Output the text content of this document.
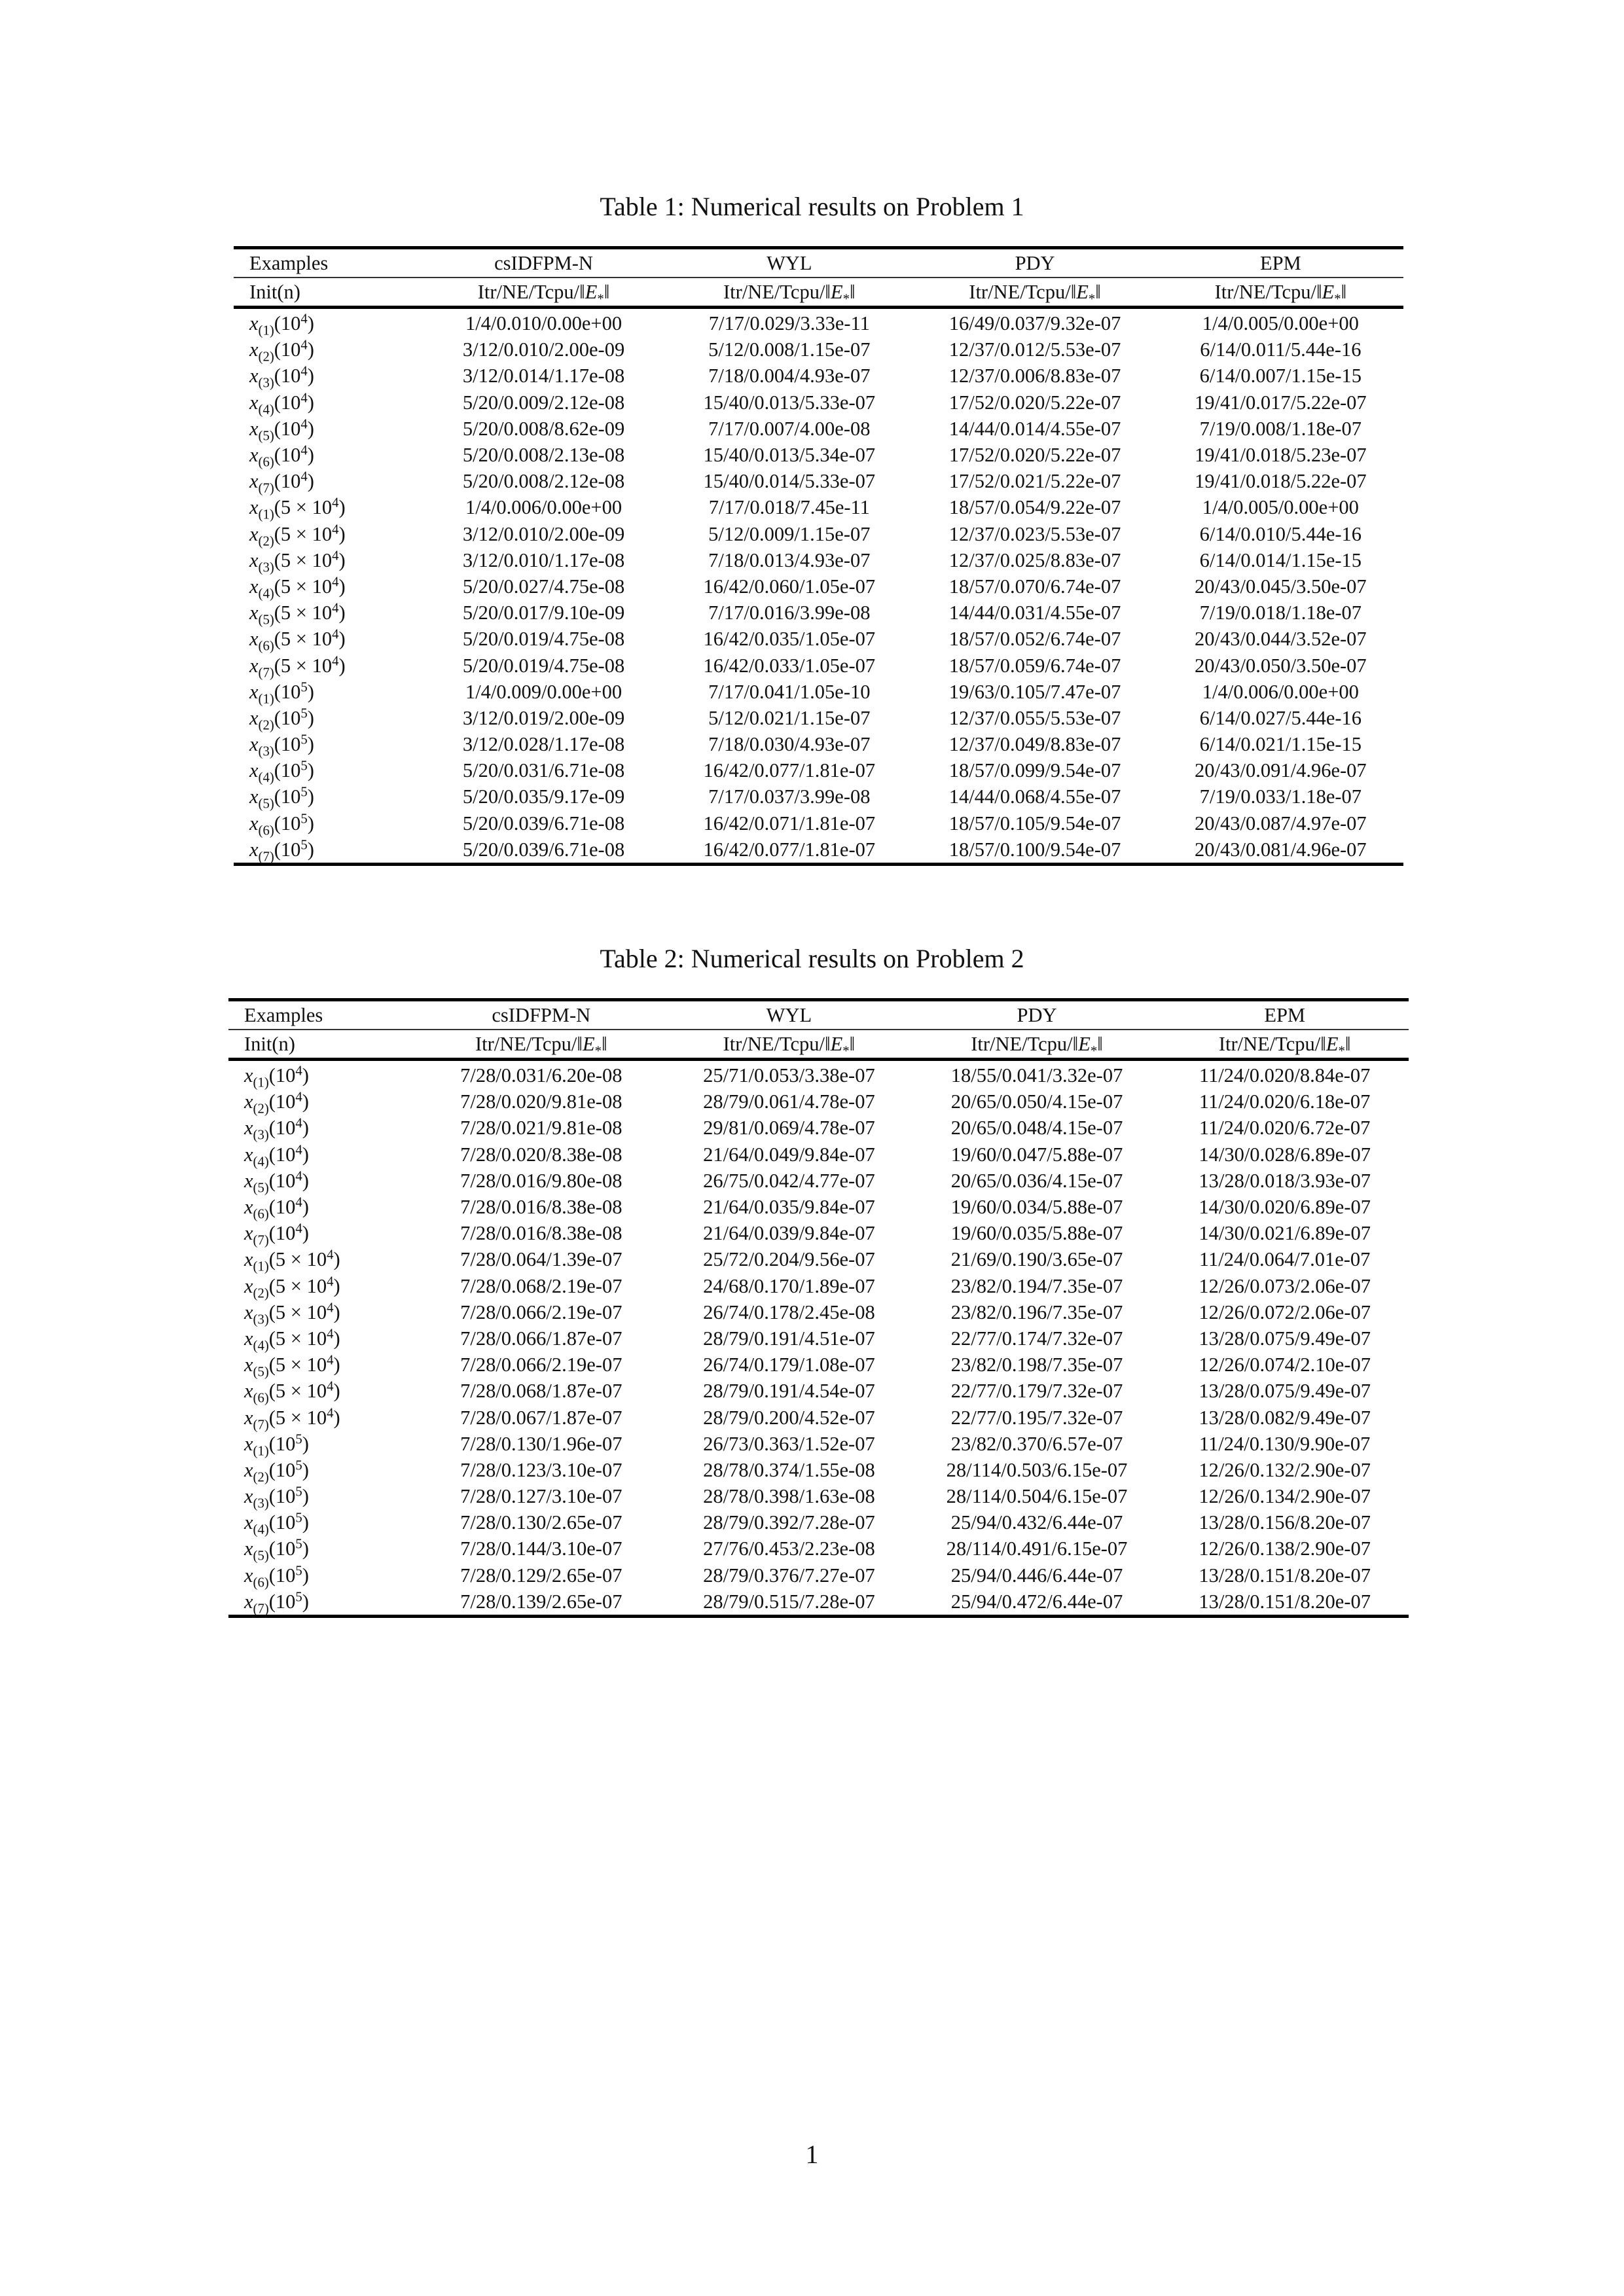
Table 1: Numerical results on Problem 1
Examples	csIDFPM-N	WYL	PDY	EPM
Init(n)	Itr/$NE/Tcpu/‖E_*‖$	Itr/$NE/Tcpu/‖E_*‖$	Itr/$NE/Tcpu/‖E_*‖$	Itr/$NE/Tcpu/‖E_*‖$
$x_{(1)}(10^4)$	1/4/0.010/0.00e+00	7/17/0.029/3.33e-11	16/49/0.037/9.32e-07	1/4/0.005/0.00e+00
$x_{(2)}(10^4)$	3/12/0.010/2.00e-09	5/12/0.008/1.15e-07	12/37/0.012/5.53e-07	6/14/0.011/5.44e-16
$x_{(3)}(10^4)$	3/12/0.014/1.17e-08	7/18/0.004/4.93e-07	12/37/0.006/8.83e-07	6/14/0.007/1.15e-15
$x_{(4)}(10^4)$	5/20/0.009/2.12e-08	15/40/0.013/5.33e-07	17/52/0.020/5.22e-07	19/41/0.017/5.22e-07
$x_{(5)}(10^4)$	5/20/0.008/8.62e-09	7/17/0.007/4.00e-08	14/44/0.014/4.55e-07	7/19/0.008/1.18e-07
$x_{(6)}(10^4)$	5/20/0.008/2.13e-08	15/40/0.013/5.34e-07	17/52/0.020/5.22e-07	19/41/0.018/5.23e-07
$x_{(7)}(10^4)$	5/20/0.008/2.12e-08	15/40/0.014/5.33e-07	17/52/0.021/5.22e-07	19/41/0.018/5.22e-07
$x_{(1)}(5 \times 10^4)$	1/4/0.006/0.00e+00	7/17/0.018/7.45e-11	18/57/0.054/9.22e-07	1/4/0.005/0.00e+00
$x_{(2)}(5 \times 10^4)$	3/12/0.010/2.00e-09	5/12/0.009/1.15e-07	12/37/0.023/5.53e-07	6/14/0.010/5.44e-16
$x_{(3)}(5 \times 10^4)$	3/12/0.010/1.17e-08	7/18/0.013/4.93e-07	12/37/0.025/8.83e-07	6/14/0.014/1.15e-15
$x_{(4)}(5 \times 10^4)$	5/20/0.027/4.75e-08	16/42/0.060/1.05e-07	18/57/0.070/6.74e-07	20/43/0.045/3.50e-07
$x_{(5)}(5 \times 10^4)$	5/20/0.017/9.10e-09	7/17/0.016/3.99e-08	14/44/0.031/4.55e-07	7/19/0.018/1.18e-07
$x_{(6)}(5 \times 10^4)$	5/20/0.019/4.75e-08	16/42/0.035/1.05e-07	18/57/0.052/6.74e-07	20/43/0.044/3.52e-07
$x_{(7)}(5 \times 10^4)$	5/20/0.019/4.75e-08	16/42/0.033/1.05e-07	18/57/0.059/6.74e-07	20/43/0.050/3.50e-07
$x_{(1)}(10^5)$	1/4/0.009/0.00e+00	7/17/0.041/1.05e-10	19/63/0.105/7.47e-07	1/4/0.006/0.00e+00
$x_{(2)}(10^5)$	3/12/0.019/2.00e-09	5/12/0.021/1.15e-07	12/37/0.055/5.53e-07	6/14/0.027/5.44e-16
$x_{(3)}(10^5)$	3/12/0.028/1.17e-08	7/18/0.030/4.93e-07	12/37/0.049/8.83e-07	6/14/0.021/1.15e-15
$x_{(4)}(10^5)$	5/20/0.031/6.71e-08	16/42/0.077/1.81e-07	18/57/0.099/9.54e-07	20/43/0.091/4.96e-07
$x_{(5)}(10^5)$	5/20/0.035/9.17e-09	7/17/0.037/3.99e-08	14/44/0.068/4.55e-07	7/19/0.033/1.18e-07
$x_{(6)}(10^5)$	5/20/0.039/6.71e-08	16/42/0.071/1.81e-07	18/57/0.105/9.54e-07	20/43/0.087/4.97e-07
$x_{(7)}(10^5)$	5/20/0.039/6.71e-08	16/42/0.077/1.81e-07	18/57/0.100/9.54e-07	20/43/0.081/4.96e-07
Table 2: Numerical results on Problem 2
Examples	csIDFPM-N	WYL	PDY	EPM
Init(n)	Itr/$NE/Tcpu/‖E_*‖$	Itr/$NE/Tcpu/‖E_*‖$	Itr/$NE/Tcpu/‖E_*‖$	Itr/$NE/Tcpu/‖E_*‖$
$x_{(1)}(10^4)$	7/28/0.031/6.20e-08	25/71/0.053/3.38e-07	18/55/0.041/3.32e-07	11/24/0.020/8.84e-07
$x_{(2)}(10^4)$	7/28/0.020/9.81e-08	28/79/0.061/4.78e-07	20/65/0.050/4.15e-07	11/24/0.020/6.18e-07
$x_{(3)}(10^4)$	7/28/0.021/9.81e-08	29/81/0.069/4.78e-07	20/65/0.048/4.15e-07	11/24/0.020/6.72e-07
$x_{(4)}(10^4)$	7/28/0.020/8.38e-08	21/64/0.049/9.84e-07	19/60/0.047/5.88e-07	14/30/0.028/6.89e-07
$x_{(5)}(10^4)$	7/28/0.016/9.80e-08	26/75/0.042/4.77e-07	20/65/0.036/4.15e-07	13/28/0.018/3.93e-07
$x_{(6)}(10^4)$	7/28/0.016/8.38e-08	21/64/0.035/9.84e-07	19/60/0.034/5.88e-07	14/30/0.020/6.89e-07
$x_{(7)}(10^4)$	7/28/0.016/8.38e-08	21/64/0.039/9.84e-07	19/60/0.035/5.88e-07	14/30/0.021/6.89e-07
$x_{(1)}(5 \times 10^4)$	7/28/0.064/1.39e-07	25/72/0.204/9.56e-07	21/69/0.190/3.65e-07	11/24/0.064/7.01e-07
$x_{(2)}(5 \times 10^4)$	7/28/0.068/2.19e-07	24/68/0.170/1.89e-07	23/82/0.194/7.35e-07	12/26/0.073/2.06e-07
$x_{(3)}(5 \times 10^4)$	7/28/0.066/2.19e-07	26/74/0.178/2.45e-08	23/82/0.196/7.35e-07	12/26/0.072/2.06e-07
$x_{(4)}(5 \times 10^4)$	7/28/0.066/1.87e-07	28/79/0.191/4.51e-07	22/77/0.174/7.32e-07	13/28/0.075/9.49e-07
$x_{(5)}(5 \times 10^4)$	7/28/0.066/2.19e-07	26/74/0.179/1.08e-07	23/82/0.198/7.35e-07	12/26/0.074/2.10e-07
$x_{(6)}(5 \times 10^4)$	7/28/0.068/1.87e-07	28/79/0.191/4.54e-07	22/77/0.179/7.32e-07	13/28/0.075/9.49e-07
$x_{(7)}(5 \times 10^4)$	7/28/0.067/1.87e-07	28/79/0.200/4.52e-07	22/77/0.195/7.32e-07	13/28/0.082/9.49e-07
$x_{(1)}(10^5)$	7/28/0.130/1.96e-07	26/73/0.363/1.52e-07	23/82/0.370/6.57e-07	11/24/0.130/9.90e-07
$x_{(2)}(10^5)$	7/28/0.123/3.10e-07	28/78/0.374/1.55e-08	28/114/0.503/6.15e-07	12/26/0.132/2.90e-07
$x_{(3)}(10^5)$	7/28/0.127/3.10e-07	28/78/0.398/1.63e-08	28/114/0.504/6.15e-07	12/26/0.134/2.90e-07
$x_{(4)}(10^5)$	7/28/0.130/2.65e-07	28/79/0.392/7.28e-07	25/94/0.432/6.44e-07	13/28/0.156/8.20e-07
$x_{(5)}(10^5)$	7/28/0.144/3.10e-07	27/76/0.453/2.23e-08	28/114/0.491/6.15e-07	12/26/0.138/2.90e-07
$x_{(6)}(10^5)$	7/28/0.129/2.65e-07	28/79/0.376/7.27e-07	25/94/0.446/6.44e-07	13/28/0.151/8.20e-07
$x_{(7)}(10^5)$	7/28/0.139/2.65e-07	28/79/0.515/7.28e-07	25/94/0.472/6.44e-07	13/28/0.151/8.20e-07
1
